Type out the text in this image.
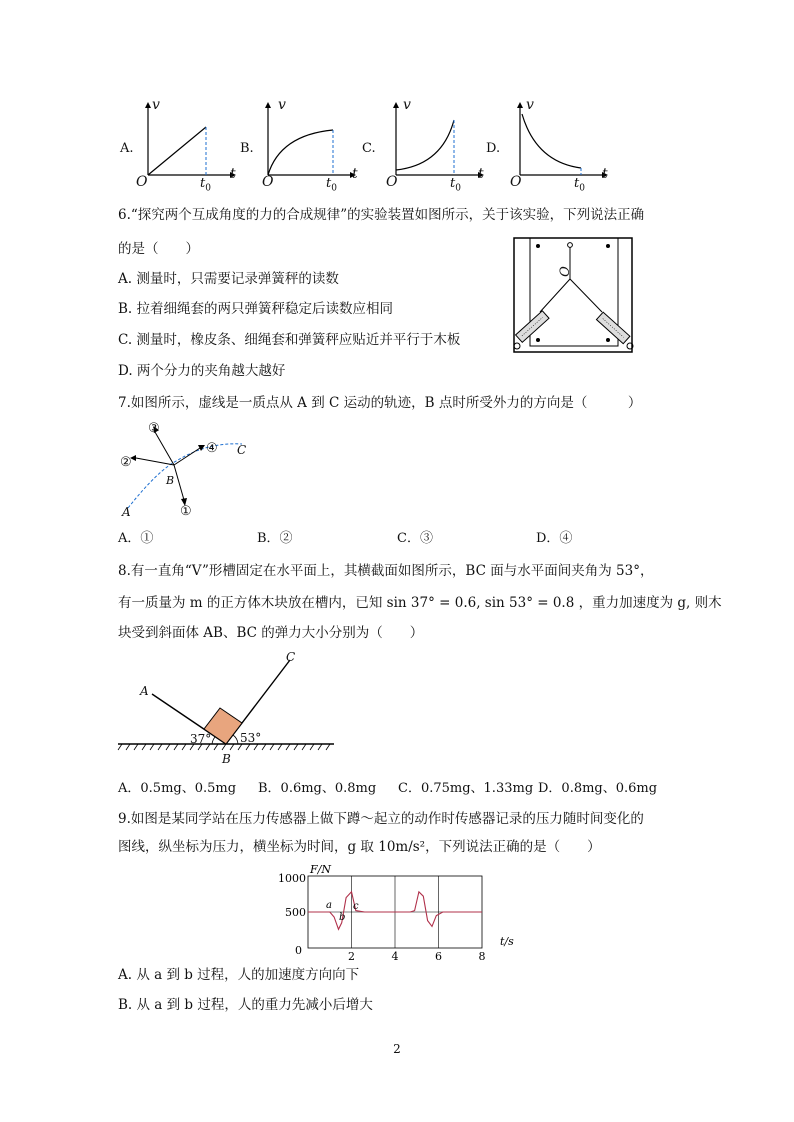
A.
v
t
O	$t_0$
B.
v
t
O	$t_0$
C.
v
t
O	$t_0$
D.
v
t
O	$t_0$
6.“探究两个互成角度的力的合成规律”的实验装置如图所示，关于该实验，下列说法正确
的是（　　）
A. 测量时，只需要记录弹簧秤的读数
B. 拉着细绳套的两只弹簧秤稳定后读数应相同
C. 测量时，橡皮条、细绳套和弹簧秤应贴近并平行于木板
D. 两个分力的夹角越大越好
O
7.如图所示，虚线是一质点从 A 到 C 运动的轨迹，B 点时所受外力的方向是（　　　）
③
②
④
①
C
B
A
A．①	B．②	C．③	D．④
8.有一直角“V”形槽固定在水平面上，其横截面如图所示，BC 面与水平面间夹角为 53°，
有一质量为 m 的正方体木块放在槽内，已知 sin 37° = 0.6, sin 53° = 0.8 ，重力加速度为 g, 则木
块受到斜面体 AB、BC 的弹力大小分别为（　　）
A
C
B
37° 53°
A．0.5mg、0.5mg B．0.6mg、0.8mg C．0.75mg、1.33mg D．0.8mg、0.6mg
9.如图是某同学站在压力传感器上做下蹲～起立的动作时传感器记录的压力随时间变化的
图线，纵坐标为压力，横坐标为时间，g 取 10m/s²，下列说法正确的是（　　）
1000
500
0	2	4	6	8
F/N
t/s
a
b
c
A. 从 a 到 b 过程，人的加速度方向向下
B. 从 a 到 b 过程，人的重力先减小后增大
2
